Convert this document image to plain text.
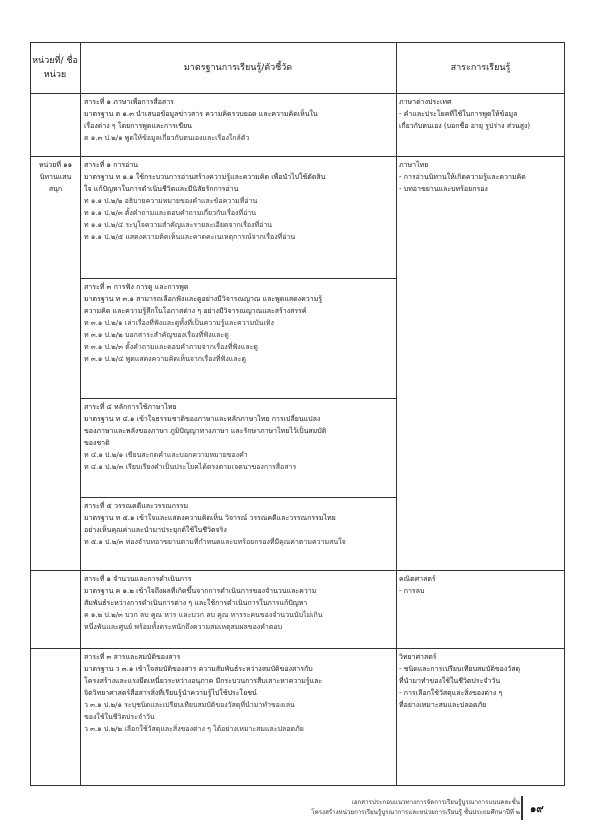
หน่วยที่/ ชื่อหน่วย
มาตรฐานการเรียนรู้/ตัวชี้วัด	สาระการเรียนรู้

สาระที่ ๑ ภาษาเพื่อการสื่อสาร

มาตรฐาน ต ๑.๓ นำเสนอข้อมูลข่าวสาร ความคิดรวบยอด และความคิดเห็นใน

เรื่องต่าง ๆ โดยการพูดและการเขียน

ต ๑.๓ ป.๒/๑ พูดให้ข้อมูลเกี่ยวกับตนเองและเรื่องใกล้ตัว

ภาษาต่างประเทศ

- คำและประโยคที่ใช้ในการพูดให้ข้อมูล

เกี่ยวกับตนเอง (บอกชื่อ อายุ รูปร่าง ส่วนสูง)

หน่วยที่ ๑๑

นิทานแสน

สนุก

สาระที่ ๑ การอ่าน

มาตรฐาน ท ๑.๑ ใช้กระบวนการอ่านสร้างความรู้และความคิด เพื่อนำไปใช้ตัดสิน

ใจ แก้ปัญหาในการดำเนินชีวิตและมีนิสัยรักการอ่าน

ท ๑.๑ ป.๒/๒ อธิบายความหมายของคำและข้อความที่อ่าน

ท ๑.๑ ป.๒/๓ ตั้งคำถามและตอบคำถามเกี่ยวกับเรื่องที่อ่าน

ท ๑.๑ ป.๒/๔ ระบุใจความสำคัญและรายละเอียดจากเรื่องที่อ่าน

ท ๑.๑ ป.๒/๕ แสดงความคิดเห็นและคาดคะเนเหตุการณ์จากเรื่องที่อ่าน

ภาษาไทย

- การอ่านนิทานให้เกิดความรู้และความคิด

- บทอาขยานและบทร้อยกรอง

สาระที่ ๓ การฟัง การดู และการพูด

มาตรฐาน ท ๓.๑ สามารถเลือกฟังและดูอย่างมีวิจารณญาณ และพูดแสดงความรู้

ความคิด และความรู้สึกในโอกาสต่าง ๆ อย่างมีวิจารณญาณและสร้างสรรค์

ท ๓.๑ ป.๒/๑ เล่าเรื่องที่ฟังและดูทั้งที่เป็นความรู้และความบันเทิง

ท ๓.๑ ป.๒/๒ บอกสาระสำคัญของเรื่องที่ฟังและดู

ท ๓.๑ ป.๒/๓ ตั้งคำถามและตอบคำถามจากเรื่องที่ฟังและดู

ท ๓.๑ ป.๒/๔ พูดแสดงความคิดเห็นจากเรื่องที่ฟังและดู

สาระที่ ๔ หลักการใช้ภาษาไทย

มาตรฐาน ท ๔.๑ เข้าใจธรรมชาติของภาษาและหลักภาษาไทย การเปลี่ยนแปลง

ของภาษาและพลังของภาษา ภูมิปัญญาทางภาษา และรักษาภาษาไทยไว้เป็นสมบัติ

ของชาติ

ท ๔.๑ ป.๒/๑ เขียนสะกดคำและบอกความหมายของคำ

ท ๔.๑ ป.๒/๓ เรียบเรียงคำเป็นประโยคได้ตรงตามเจตนาของการสื่อสาร

สาระที่ ๕ วรรณคดีและวรรณกรรม

มาตรฐาน ท ๕.๑ เข้าใจและแสดงความคิดเห็น วิจารณ์ วรรณคดีและวรรณกรรมไทย

อย่างเห็นคุณค่าและนำมาประยุกต์ใช้ในชีวิตจริง

ท ๕.๑ ป.๒/๓ ท่องจำบทอาขยานตามที่กำหนดและบทร้อยกรองที่มีคุณค่าตามความสนใจ

สาระที่ ๑ จำนวนและการดำเนินการ

มาตรฐาน ค ๑.๒ เข้าใจถึงผลที่เกิดขึ้นจากการดำเนินการของจำนวนและความ

สัมพันธ์ระหว่างการดำเนินการต่าง ๆ และใช้การดำเนินการในการแก้ปัญหา

ค ๑.๒ ป.๒/๓ บวก ลบ คูณ หาร และบวก ลบ คูณ หารระคนของจำนวนนับไม่เกิน

หนึ่งพันและศูนย์ พร้อมทั้งตระหนักถึงความสมเหตุสมผลของคำตอบ

คณิตศาสตร์

- การลบ

สาระที่ ๓ สารและสมบัติของสาร

มาตรฐาน ว ๓.๑ เข้าใจสมบัติของสาร ความสัมพันธ์ระหว่างสมบัติของสารกับ

โครงสร้างและแรงยึดเหนี่ยวระหว่างอนุภาค มีกระบวนการสืบเสาะหาความรู้และ

จิตวิทยาศาสตร์สื่อสารสิ่งที่เรียนรู้นำความรู้ไปใช้ประโยชน์

ว ๓.๑ ป.๒/๑ ระบุชนิดและเปรียบเทียบสมบัติของวัสดุที่นำมาทำของเล่น

ของใช้ในชีวิตประจำวัน

ว ๓.๑ ป.๒/๒ เลือกใช้วัสดุและสิ่งของต่าง ๆ ได้อย่างเหมาะสมและปลอดภัย

วิทยาศาสตร์

- ชนิดและการเปรียบเทียบสมบัติของวัสดุ

ที่นำมาทำของใช้ในชีวิตประจำวัน

- การเลือกใช้วัสดุและสิ่งของต่าง ๆ

ที่อย่างเหมาะสมและปลอดภัย

เอกสารประกอบแนวทางการจัดการเรียนรู้บูรณาการแบบคละชั้น

โครงสร้างหน่วยการเรียนรู้บูรณาการและหน่วยการเรียนรู้ ชั้นประถมศึกษาปีที่ ๒ ๑๙
